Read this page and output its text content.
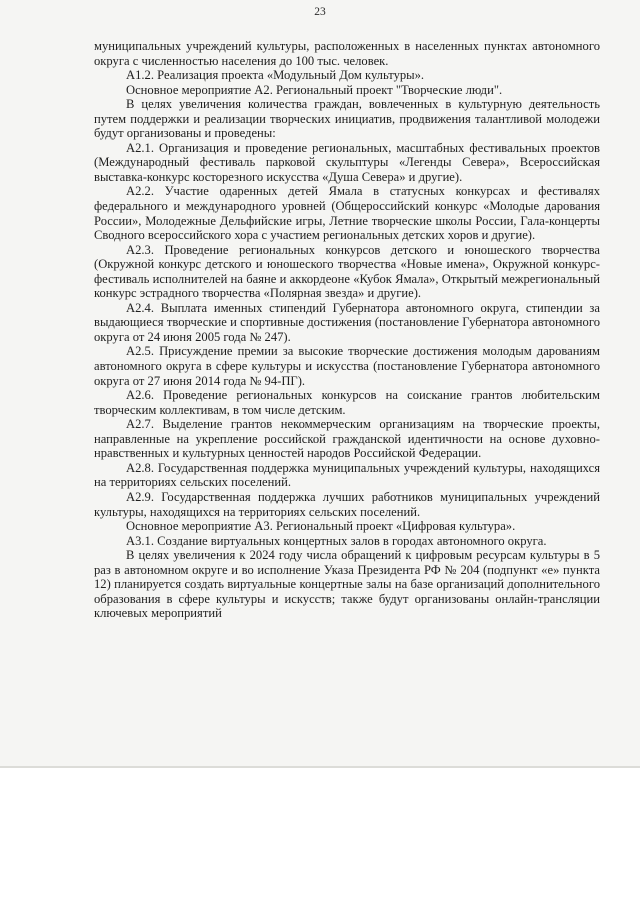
23

муниципальных учреждений культуры, расположенных в населенных пунктах автономного округа с численностью населения до 100 тыс. человек.

А1.2. Реализация проекта «Модульный Дом культуры».

Основное мероприятие А2. Региональный проект "Творческие люди".

В целях увеличения количества граждан, вовлеченных в культурную деятельность путем поддержки и реализации творческих инициатив, продвижения талантливой молодежи будут организованы и проведены:

А2.1. Организация и проведение региональных, масштабных фестивальных проектов (Международный фестиваль парковой скульптуры «Легенды Севера», Всероссийская выставка-конкурс косторезного искусства «Душа Севера» и другие).

А2.2. Участие одаренных детей Ямала в статусных конкурсах и фестивалях федерального и международного уровней (Общероссийский конкурс «Молодые дарования России», Молодежные Дельфийские игры, Летние творческие школы России, Гала-концерты Сводного всероссийского хора с участием региональных детских хоров и другие).

А2.3. Проведение региональных конкурсов детского и юношеского творчества (Окружной конкурс детского и юношеского творчества «Новые имена», Окружной конкурс-фестиваль исполнителей на баяне и аккордеоне «Кубок Ямала», Открытый межрегиональный конкурс эстрадного творчества «Полярная звезда» и другие).

А2.4. Выплата именных стипендий Губернатора автономного округа, стипендии за выдающиеся творческие и спортивные достижения (постановление Губернатора автономного округа от 24 июня 2005 года № 247).

А2.5. Присуждение премии за высокие творческие достижения молодым дарованиям автономного округа в сфере культуры и искусства (постановление Губернатора автономного округа от 27 июня 2014 года № 94-ПГ).

А2.6. Проведение региональных конкурсов на соискание грантов любительским творческим коллективам, в том числе детским.

А2.7. Выделение грантов некоммерческим организациям на творческие проекты, направленные на укрепление российской гражданской идентичности на основе духовно-нравственных и культурных ценностей народов Российской Федерации.

А2.8. Государственная поддержка муниципальных учреждений культуры, находящихся на территориях сельских поселений.

А2.9. Государственная поддержка лучших работников муниципальных учреждений культуры, находящихся на территориях сельских поселений.

Основное мероприятие А3. Региональный проект «Цифровая культура».

А3.1. Создание виртуальных концертных залов в городах автономного округа.

В целях увеличения к 2024 году числа обращений к цифровым ресурсам культуры в 5 раз в автономном округе и во исполнение Указа Президента РФ № 204 (подпункт «е» пункта 12) планируется создать виртуальные концертные залы на базе организаций дополнительного образования в сфере культуры и искусств; также будут организованы онлайн-трансляции ключевых мероприятий
